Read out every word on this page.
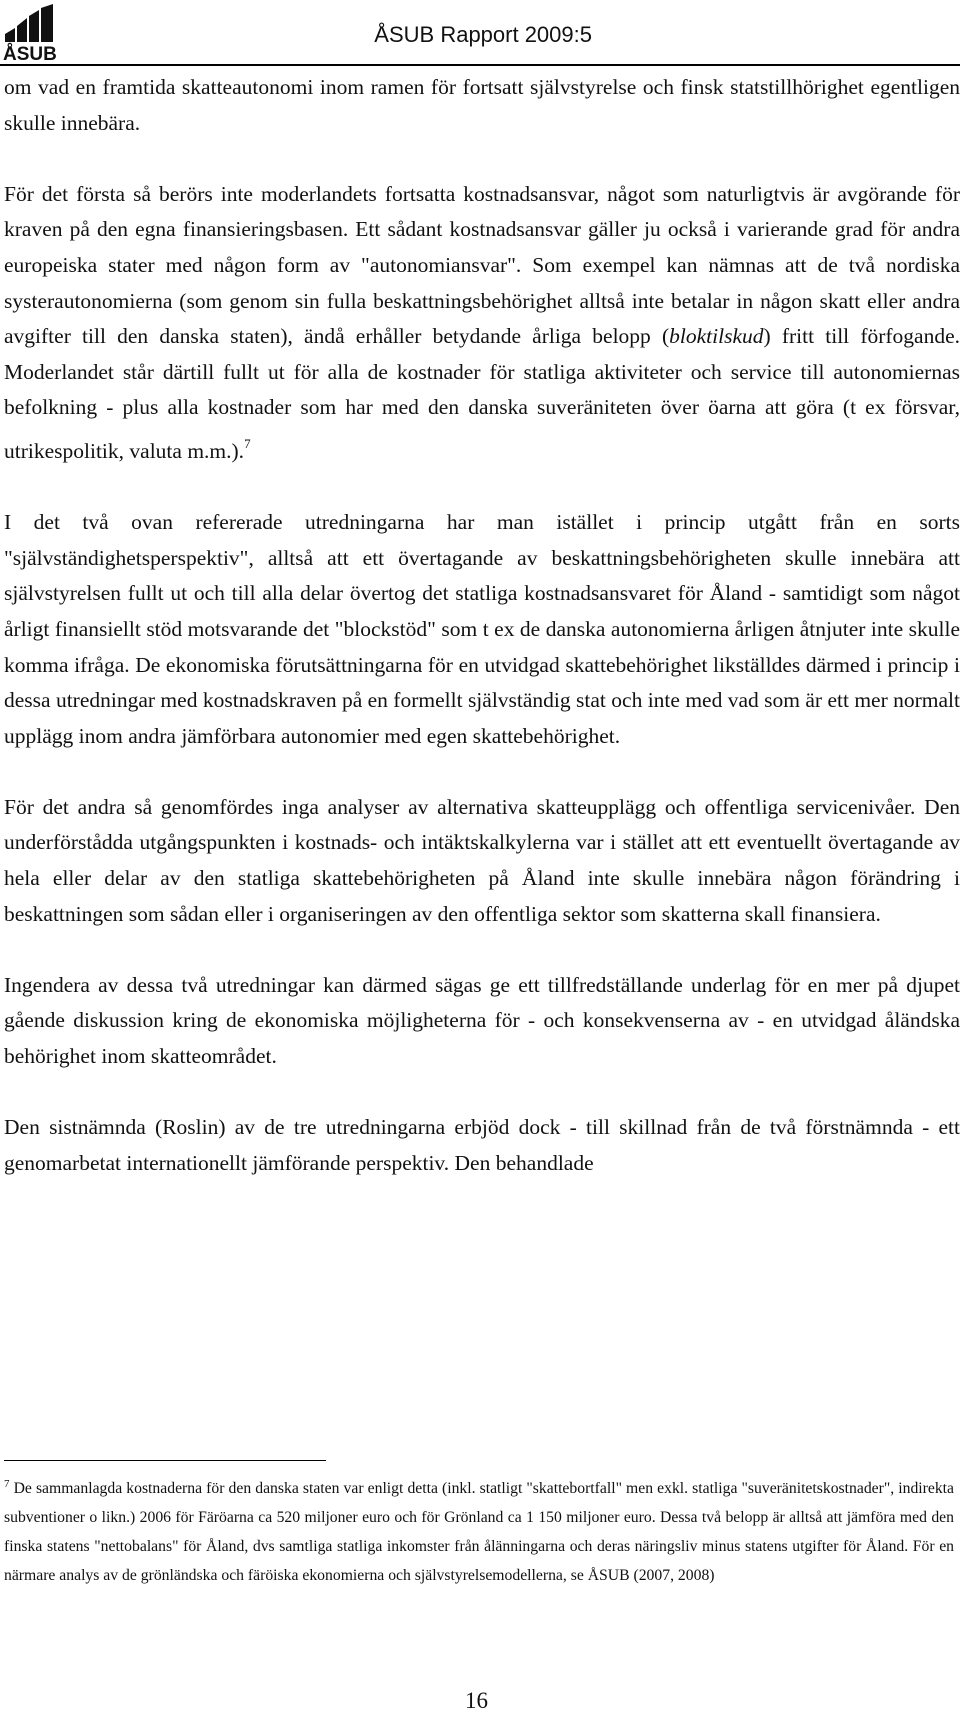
ÅSUB
ÅSUB Rapport 2009:5

om vad en framtida skatteautonomi inom ramen för fortsatt självstyrelse och finsk statstillhörighet egentligen skulle innebära.

För det första så berörs inte moderlandets fortsatta kostnadsansvar, något som naturligtvis är avgörande för kraven på den egna finansieringsbasen. Ett sådant kostnadsansvar gäller ju också i varierande grad för andra europeiska stater med någon form av "autonomiansvar". Som exempel kan nämnas att de två nordiska systerautonomierna (som genom sin fulla beskattningsbehörighet alltså inte betalar in någon skatt eller andra avgifter till den danska staten), ändå erhåller betydande årliga belopp (bloktilskud) fritt till förfogande. Moderlandet står därtill fullt ut för alla de kostnader för statliga aktiviteter och service till autonomiernas befolkning - plus alla kostnader som har med den danska suveräniteten över öarna att göra (t ex försvar, utrikespolitik, valuta m.m.).$^7$

I det två ovan refererade utredningarna har man istället i princip utgått från en sorts "självständighetsperspektiv", alltså att ett övertagande av beskattningsbehörigheten skulle innebära att självstyrelsen fullt ut och till alla delar övertog det statliga kostnadsansvaret för Åland - samtidigt som något årligt finansiellt stöd motsvarande det "blockstöd" som t ex de danska autonomierna årligen åtnjuter inte skulle komma ifråga. De ekonomiska förutsättningarna för en utvidgad skattebehörighet likställdes därmed i princip i dessa utredningar med kostnadskraven på en formellt självständig stat och inte med vad som är ett mer normalt upplägg inom andra jämförbara autonomier med egen skattebehörighet.

För det andra så genomfördes inga analyser av alternativa skatteupplägg och offentliga servicenivåer. Den underförstådda utgångspunkten i kostnads- och intäktskalkylerna var i stället att ett eventuellt övertagande av hela eller delar av den statliga skattebehörigheten på Åland inte skulle innebära någon förändring i beskattningen som sådan eller i organiseringen av den offentliga sektor som skatterna skall finansiera.

Ingendera av dessa två utredningar kan därmed sägas ge ett tillfredställande underlag för en mer på djupet gående diskussion kring de ekonomiska möjligheterna för - och konsekvenserna av - en utvidgad åländska behörighet inom skatteområdet.

Den sistnämnda (Roslin) av de tre utredningarna erbjöd dock - till skillnad från de två förstnämnda - ett genomarbetat internationellt jämförande perspektiv. Den behandlade

$^7$ De sammanlagda kostnaderna för den danska staten var enligt detta (inkl. statligt "skattebortfall" men exkl. statliga "suveränitetskostnader", indirekta subventioner o likn.) 2006 för Färöarna ca 520 miljoner euro och för Grönland ca 1 150 miljoner euro. Dessa två belopp är alltså att jämföra med den finska statens "nettobalans" för Åland, dvs samtliga statliga inkomster från ålänningarna och deras näringsliv minus statens utgifter för Åland. För en närmare analys av de grönländska och färöiska ekonomierna och självstyrelsemodellerna, se ÅSUB (2007, 2008)
16
